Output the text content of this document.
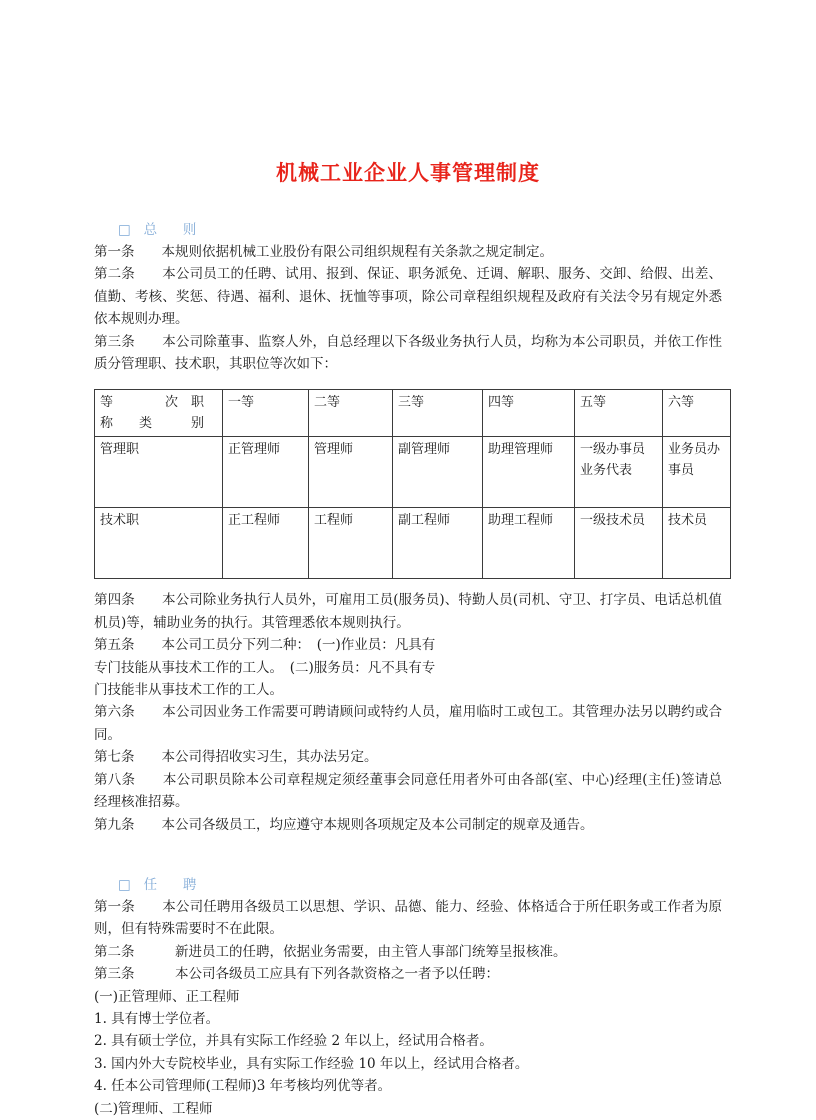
机械工业企业人事管理制度
□   总      则

第一条　　本规则依据机械工业股份有限公司组织规程有关条款之规定制定。

第二条　　本公司员工的任聘、试用、报到、保证、职务派免、迁调、解职、服务、交卸、给假、出差、值勤、考核、奖惩、待遇、福利、退休、抚恤等事项，除公司章程组织规程及政府有关法令另有规定外悉依本规则办理。

第三条　　本公司除董事、监察人外，自总经理以下各级业务执行人员，均称为本公司职员，并依工作性质分管理职、技术职，其职位等次如下：

等　　　　次　职
称　　类　　　别	一等	二等	三等	四等	五等	六等
管理职	正管理师	管理师	副管理师	助理管理师	一级办事员　业务代表	业务员办事员
技术职	正工程师	工程师	副工程师	助理工程师	一级技术员	技术员

第四条　　本公司除业务执行人员外，可雇用工员(服务员)、特勤人员(司机、守卫、打字员、电话总机值机员)等，辅助业务的执行。其管理悉依本规则执行。

第五条　　本公司工员分下列二种：　(一)作业员：凡具有

专门技能从事技术工作的工人。　(二)服务员：凡不具有专

门技能非从事技术工作的工人。

第六条　　本公司因业务工作需要可聘请顾问或特约人员，雇用临时工或包工。其管理办法另以聘约或合同。

第七条　　本公司得招收实习生，其办法另定。

第八条　　本公司职员除本公司章程规定须经董事会同意任用者外可由各部(室、中心)经理(主任)签请总经理核准招募。

第九条　　本公司各级员工，均应遵守本规则各项规定及本公司制定的规章及通告。

□   任      聘

第一条　　本公司任聘用各级员工以思想、学识、品德、能力、经验、体格适合于所任职务或工作者为原则，但有特殊需要时不在此限。

第二条　　　新进员工的任聘，依据业务需要，由主管人事部门统筹呈报核准。

第三条　　　本公司各级员工应具有下列各款资格之一者予以任聘：

(一)正管理师、正工程师

1. 具有博士学位者。

2. 具有硕士学位，并具有实际工作经验 2 年以上，经试用合格者。

3. 国内外大专院校毕业，具有实际工作经验 10 年以上，经试用合格者。

4. 任本公司管理师(工程师)3 年考核均列优等者。

(二)管理师、工程师
